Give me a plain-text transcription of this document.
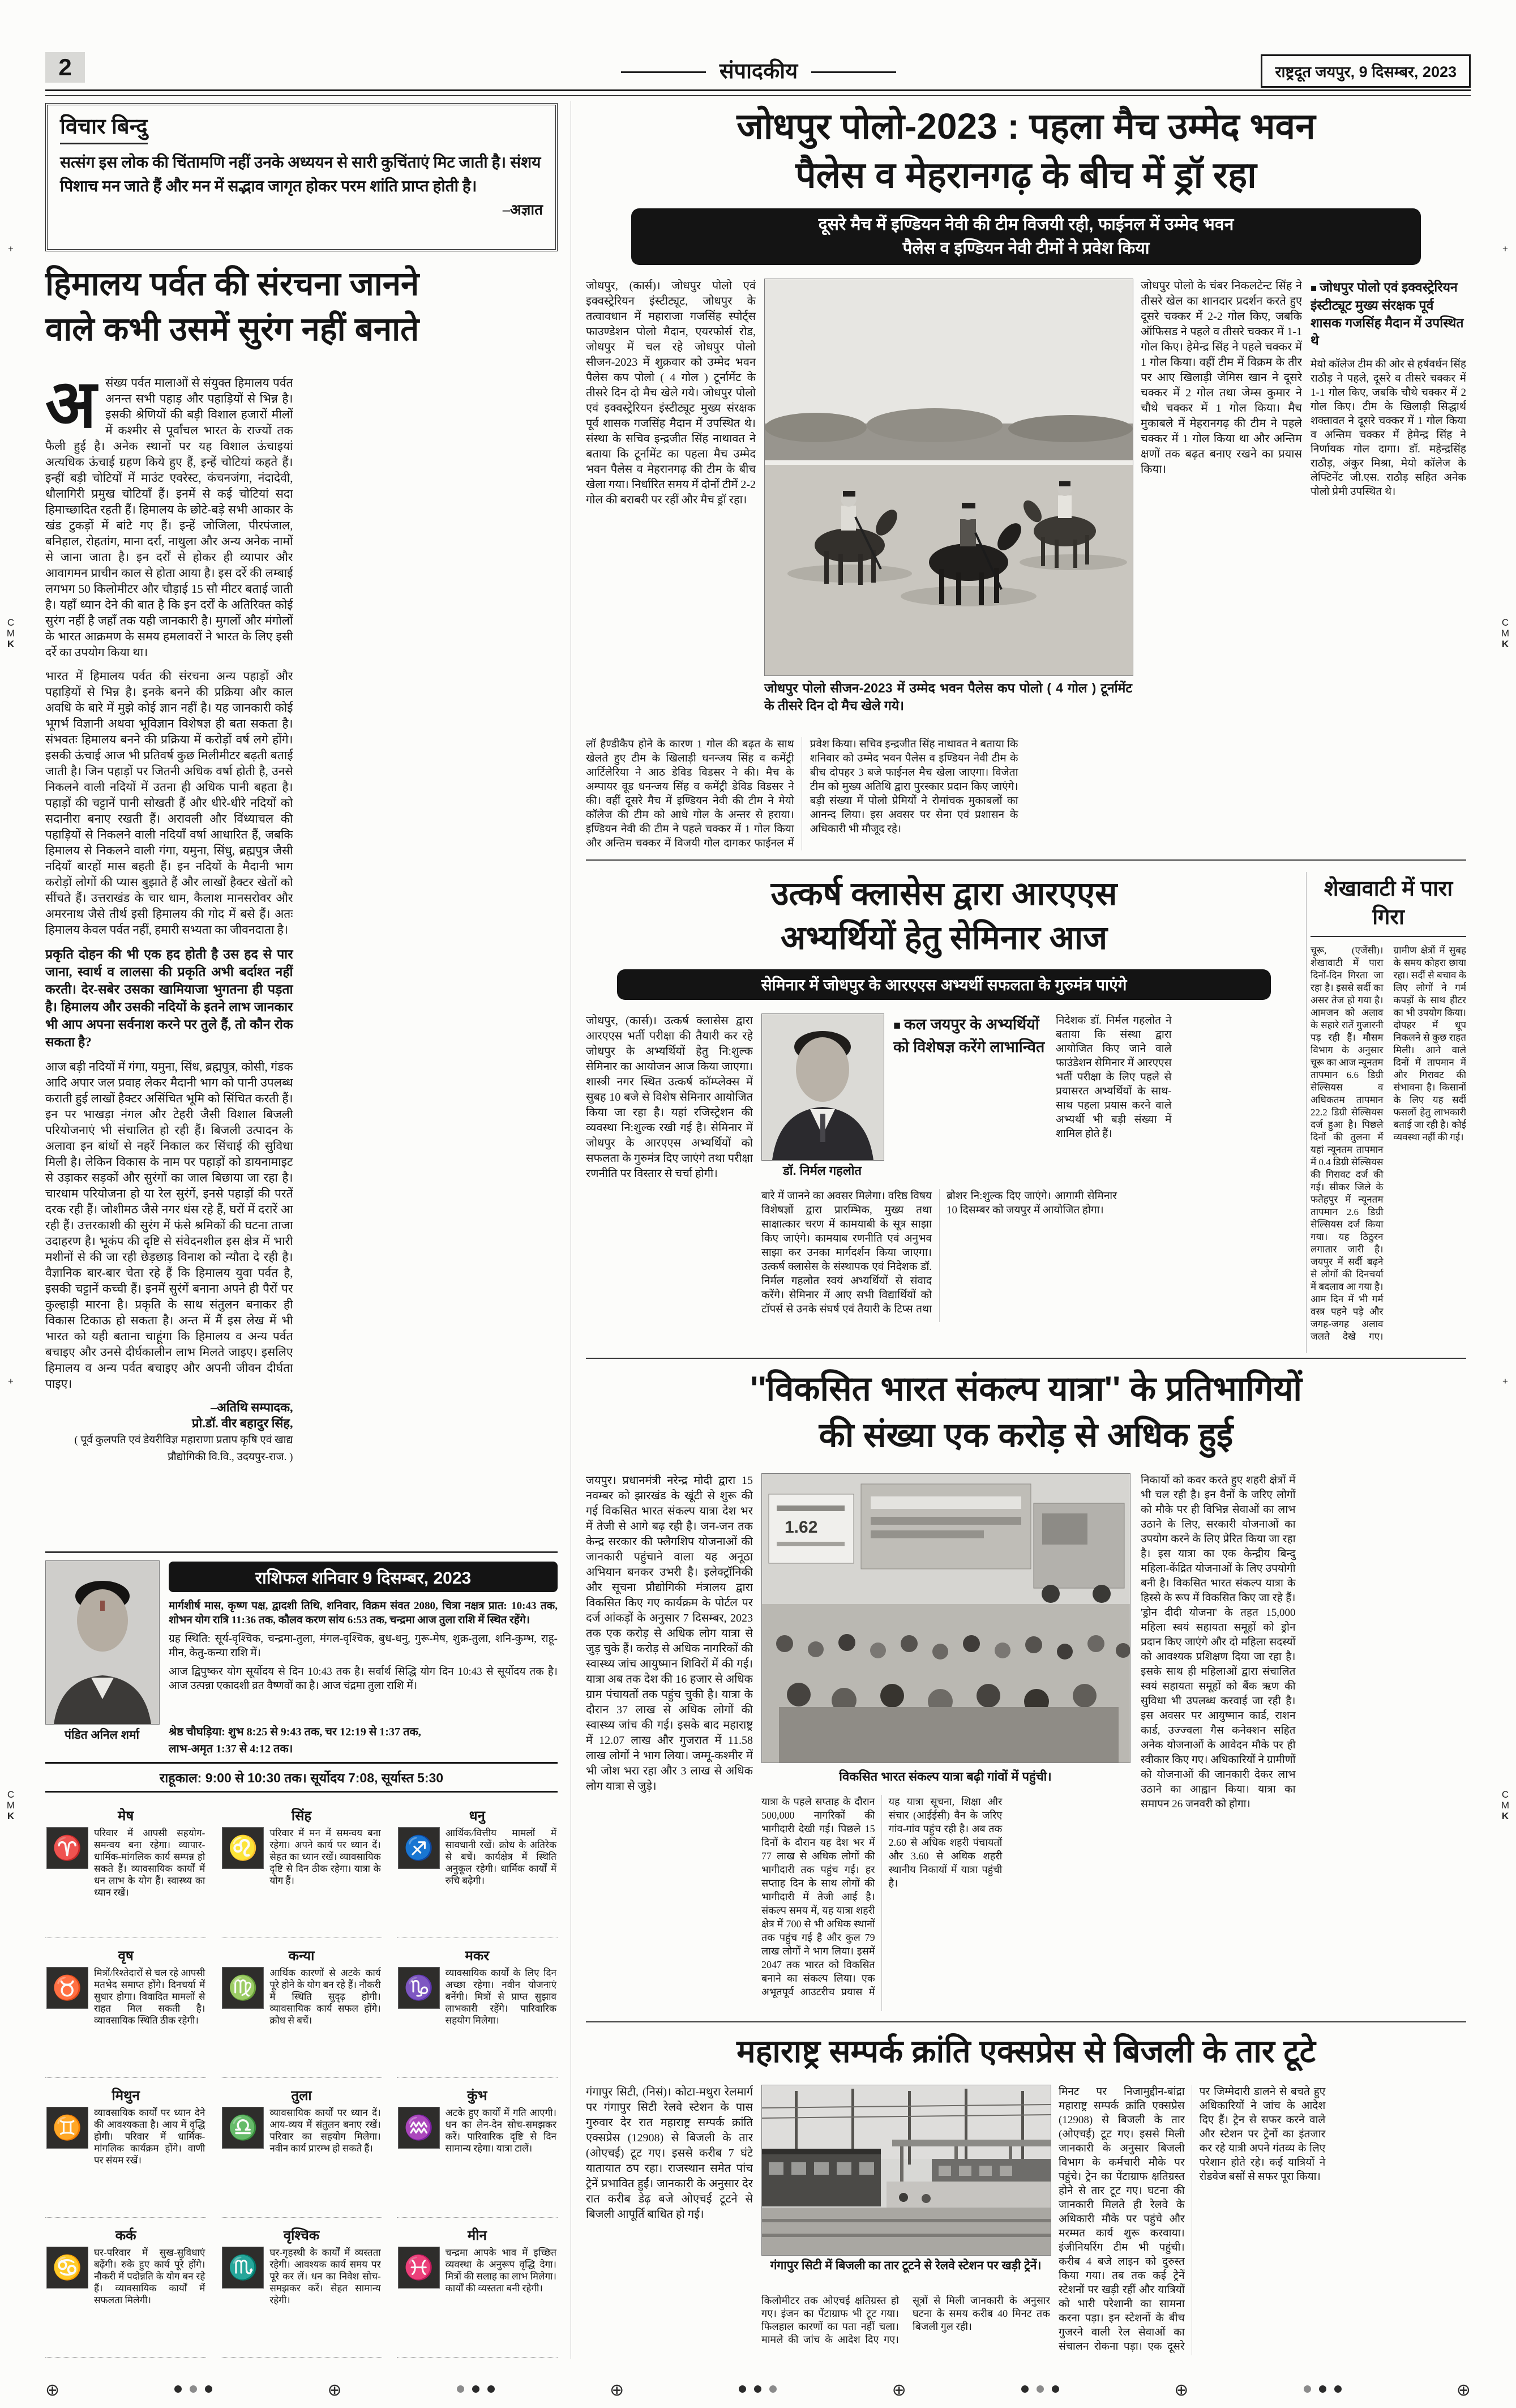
2	संपादकीय	राष्ट्रदूत जयपुर, 9 दिसम्बर, 2023
विचार बिन्दु
सत्संग इस लोक की चिंतामणि नहीं उनके अध्ययन से सारी कुचिंताएं मिट जाती है। संशय पिशाच मन जाते हैं और मन में सद्भाव जागृत होकर परम शांति प्राप्त होती है।
–अज्ञात
हिमालय पर्वत की संरचना जानने
वाले कभी उसमें सुरंग नहीं बनाते

असंख्य पर्वत मालाओं से संयुक्त हिमालय पर्वत अनन्त सभी पहाड़ और पहाड़ियों से भिन्न है। इसकी श्रेणियों की बड़ी विशाल हजारों मीलों में कश्मीर से पूर्वांचल भारत के राज्यों तक फैली हुई है। अनेक स्थानों पर यह विशाल ऊंचाइयां अत्यधिक ऊंचाई ग्रहण किये हुए हैं, इन्हें चोटियां कहते हैं। इन्हीं बड़ी चोटियों में माउंट एवरेस्ट, कंचनजंगा, नंदादेवी, धौलागिरी प्रमुख चोटियाँ हैं। इनमें से कई चोटियां सदा हिमाच्छादित रहती हैं। हिमालय के छोटे-बड़े सभी आकार के खंड टुकड़ों में बांटे गए हैं। इन्हें जोजिला, पीरपंजाल, बनिहाल, रोहतांग, माना दर्रा, नाथुला और अन्य अनेक नामों से जाना जाता है। इन दर्रों से होकर ही व्यापार और आवागमन प्राचीन काल से होता आया है। इस दर्रे की लम्बाई लगभग 50 किलोमीटर और चौड़ाई 15 सौ मीटर बताई जाती है। यहाँ ध्यान देने की बात है कि इन दर्रों के अतिरिक्त कोई सुरंग नहीं है जहाँ तक यही जानकारी है। मुगलों और मंगोलों के भारत आक्रमण के समय हमलावरों ने भारत के लिए इसी दर्रे का उपयोग किया था।

भारत में हिमालय पर्वत की संरचना अन्य पहाड़ों और पहाड़ियों से भिन्न है। इनके बनने की प्रक्रिया और काल अवधि के बारे में मुझे कोई ज्ञान नहीं है। यह जानकारी कोई भूगर्भ विज्ञानी अथवा भूविज्ञान विशेषज्ञ ही बता सकता है। संभवतः हिमालय बनने की प्रक्रिया में करोड़ों वर्ष लगे होंगे। इसकी ऊंचाई आज भी प्रतिवर्ष कुछ मिलीमीटर बढ़ती बताई जाती है। जिन पहाड़ों पर जितनी अधिक वर्षा होती है, उनसे निकलने वाली नदियों में उतना ही अधिक पानी बहता है। पहाड़ों की चट्टानें पानी सोखती हैं और धीरे-धीरे नदियों को सदानीरा बनाए रखती हैं। अरावली और विंध्याचल की पहाड़ियों से निकलने वाली नदियाँ वर्षा आधारित हैं, जबकि हिमालय से निकलने वाली गंगा, यमुना, सिंधु, ब्रह्मपुत्र जैसी नदियाँ बारहों मास बहती हैं। इन नदियों के मैदानी भाग करोड़ों लोगों की प्यास बुझाते हैं और लाखों हैक्टर खेतों को सींचते हैं। उत्तराखंड के चार धाम, कैलाश मानसरोवर और अमरनाथ जैसे तीर्थ इसी हिमालय की गोद में बसे हैं। अतः हिमालय केवल पर्वत नहीं, हमारी सभ्यता का जीवनदाता है।

प्रकृति दोहन की भी एक हद होती है उस हद से पार जाना, स्वार्थ व लालसा की प्रकृति अभी बर्दाश्त नहीं करती। देर-सबेर उसका खामियाजा भुगतना ही पड़ता है। हिमालय और उसकी नदियों के इतने लाभ जानकार भी आप अपना सर्वनाश करने पर तुले हैं, तो कौन रोक सकता है?

आज बड़ी नदियों में गंगा, यमुना, सिंध, ब्रह्मपुत्र, कोसी, गंडक आदि अपार जल प्रवाह लेकर मैदानी भाग को पानी उपलब्ध कराती हुई लाखों हैक्टर असिंचित भूमि को सिंचित करती हैं। इन पर भाखड़ा नंगल और टेहरी जैसी विशाल बिजली परियोजनाएं भी संचालित हो रही हैं। बिजली उत्पादन के अलावा इन बांधों से नहरें निकाल कर सिंचाई की सुविधा मिली है। लेकिन विकास के नाम पर पहाड़ों को डायनामाइट से उड़ाकर सड़कों और सुरंगों का जाल बिछाया जा रहा है। चारधाम परियोजना हो या रेल सुरंगें, इनसे पहाड़ों की परतें दरक रही हैं। जोशीमठ जैसे नगर धंस रहे हैं, घरों में दरारें आ रही हैं। उत्तरकाशी की सुरंग में फंसे श्रमिकों की घटना ताजा उदाहरण है। भूकंप की दृष्टि से संवेदनशील इस क्षेत्र में भारी मशीनों से की जा रही छेड़छाड़ विनाश को न्यौता दे रही है। वैज्ञानिक बार-बार चेता रहे हैं कि हिमालय युवा पर्वत है, इसकी चट्टानें कच्ची हैं। इनमें सुरंगें बनाना अपने ही पैरों पर कुल्हाड़ी मारना है। प्रकृति के साथ संतुलन बनाकर ही विकास टिकाऊ हो सकता है। अन्त में मैं इस लेख में भी भारत को यही बताना चाहूंगा कि हिमालय व अन्य पर्वत बचाइए और उनसे दीर्घकालीन लाभ मिलते जाइए। इसलिए हिमालय व अन्य पर्वत बचाइए और अपनी जीवन दीर्घता पाइए।

–अतिथि सम्पादक,
प्रो.डॉ. वीर बहादुर सिंह,
( पूर्व कुलपति एवं डेयरीविज्ञ महाराणा प्रताप कृषि एवं खाद्य प्रौद्योगिकी वि.वि., उदयपुर-राज. )

जोधपुर पोलो-2023 : पहला मैच उम्मेद भवन
पैलेस व मेहरानगढ़ के बीच में ड्रॉ रहा
दूसरे मैच में इण्डियन नेवी की टीम विजयी रही, फाईनल में उम्मेद भवन
पैलेस व इण्डियन नेवी टीमों ने प्रवेश किया
जोधपुर, (कार्स)। जोधपुर पोलो एवं इक्वस्ट्रेरियन इंस्टीट्यूट, जोधपुर के तत्वावधान में महाराजा गजसिंह स्पोर्ट्स फाउण्डेशन पोलो मैदान, एयरफोर्स रोड, जोधपुर में चल रहे जोधपुर पोलो सीजन-2023 में शुक्रवार को उम्मेद भवन पैलेस कप पोलो ( 4 गोल ) टूर्नामेंट के तीसरे दिन दो मैच खेले गये। जोधपुर पोलो एवं इक्वस्ट्रेरियन इंस्टीट्यूट मुख्य संरक्षक पूर्व शासक गजसिंह मैदान में उपस्थित थे। संस्था के सचिव इन्द्रजीत सिंह नाथावत ने बताया कि टूर्नामेंट का पहला मैच उम्मेद भवन पैलेस व मेहरानगढ़ की टीम के बीच खेला गया। निर्धारित समय में दोनों टीमें 2-2 गोल की बराबरी पर रहीं और मैच ड्रॉ रहा।
जोधपुर पोलो सीजन-2023 में उम्मेद भवन पैलेस कप पोलो ( 4 गोल ) टूर्नामेंट के तीसरे दिन दो मैच खेले गये।
जोधपुर पोलो के चंबर निकलटेन्ट सिंह ने तीसरे खेल का शानदार प्रदर्शन करते हुए दूसरे चक्कर में 2-2 गोल किए, जबकि ऑफिसड ने पहले व तीसरे चक्कर में 1-1 गोल किए। हेमेन्द्र सिंह ने पहले चक्कर में 1 गोल किया। वहीं टीम में विक्रम के तीर पर आए खिलाड़ी जेमिस खान ने दूसरे चक्कर में 2 गोल तथा जेम्स कुमार ने चौथे चक्कर में 1 गोल किया। मैच मुकाबले में मेहरानगढ़ की टीम ने पहले चक्कर में 1 गोल किया था और अन्तिम क्षणों तक बढ़त बनाए रखने का प्रयास किया।
■ जोधपुर पोलो एवं इक्वस्ट्रेरियन इंस्टीट्यूट मुख्य संरक्षक पूर्व शासक गजसिंह मैदान में उपस्थित थे
मेयो कॉलेज टीम की ओर से हर्षवर्धन सिंह राठौड़ ने पहले, दूसरे व तीसरे चक्कर में 1-1 गोल किए, जबकि चौथे चक्कर में 2 गोल किए। टीम के खिलाड़ी सिद्धार्थ शक्तावत ने दूसरे चक्कर में 1 गोल किया व अन्तिम चक्कर में हेमेन्द्र सिंह ने निर्णायक गोल दागा। डॉ. महेन्द्रसिंह राठौड़, अंकुर मिश्रा, मेयो कॉलेज के लेफ्टिनेंट जी.एस. राठौड़ सहित अनेक पोलो प्रेमी उपस्थित थे।

लॉ हैण्डीकैप होने के कारण 1 गोल की बढ़त के साथ खेलते हुए टीम के खिलाड़ी धनन्जय सिंह व कमेंट्री आर्टिलेरिया ने आठ डेविड विडसर ने की। मैच के अम्पायर वूड धनन्जय सिंह व कमेंट्री डेविड विडसर ने की। वहीं दूसरे मैच में इण्डियन नेवी की टीम ने मेयो कॉलेज की टीम को आधे गोल के अन्तर से हराया। इण्डियन नेवी की टीम ने पहले चक्कर में 1 गोल किया और अन्तिम चक्कर में विजयी गोल दागकर फाईनल में प्रवेश किया। सचिव इन्द्रजीत सिंह नाथावत ने बताया कि शनिवार को उम्मेद भवन पैलेस व इण्डियन नेवी टीम के बीच दोपहर 3 बजे फाईनल मैच खेला जाएगा। विजेता टीम को मुख्य अतिथि द्वारा पुरस्कार प्रदान किए जाएंगे। बड़ी संख्या में पोलो प्रेमियों ने रोमांचक मुकाबलों का आनन्द लिया। इस अवसर पर सेना एवं प्रशासन के अधिकारी भी मौजूद रहे।

उत्कर्ष क्लासेस द्वारा आरएएस
अभ्यर्थियों हेतु सेमिनार आज
सेमिनार में जोधपुर के आरएएस अभ्यर्थी सफलता के गुरुमंत्र पाएंगे
जोधपुर, (कार्स)। उत्कर्ष क्लासेस द्वारा आरएएस भर्ती परीक्षा की तैयारी कर रहे जोधपुर के अभ्यर्थियों हेतु नि:शुल्क सेमिनार का आयोजन आज किया जाएगा। शास्त्री नगर स्थित उत्कर्ष कॉम्प्लेक्स में सुबह 10 बजे से विशेष सेमिनार आयोजित किया जा रहा है। यहां रजिस्ट्रेशन की व्यवस्था नि:शुल्क रखी गई है। सेमिनार में जोधपुर के आरएएस अभ्यर्थियों को सफलता के गुरुमंत्र दिए जाएंगे तथा परीक्षा रणनीति पर विस्तार से चर्चा होगी।	डॉ. निर्मल गहलोत
■ कल जयपुर के अभ्यर्थियों को विशेषज्ञ करेंगे लाभान्वित

निदेशक डॉ. निर्मल गहलोत ने बताया कि संस्था द्वारा आयोजित किए जाने वाले फाउंडेशन सेमिनार में आरएएस भर्ती परीक्षा के लिए पहले से प्रयासरत अभ्यर्थियों के साथ-साथ पहला प्रयास करने वाले अभ्यर्थी भी बड़ी संख्या में शामिल होते हैं।

बारे में जानने का अवसर मिलेगा। वरिष्ठ विषय विशेषज्ञों द्वारा प्रारम्भिक, मुख्य तथा साक्षात्कार चरण में कामयाबी के सूत्र साझा किए जाएंगे। कामयाब रणनीति एवं अनुभव साझा कर उनका मार्गदर्शन किया जाएगा। उत्कर्ष क्लासेस के संस्थापक एवं निदेशक डॉ. निर्मल गहलोत स्वयं अभ्यर्थियों से संवाद करेंगे। सेमिनार में आए सभी विद्यार्थियों को टॉपर्स से उनके संघर्ष एवं तैयारी के टिप्स तथा ब्रोशर नि:शुल्क दिए जाएंगे। आगामी सेमिनार 10 दिसम्बर को जयपुर में आयोजित होगा।

शेखावाटी में पारा गिरा

चूरू, (एजेंसी)। शेखावाटी में पारा दिनों-दिन गिरता जा रहा है। इससे सर्दी का असर तेज हो गया है। आमजन को अलाव के सहारे रातें गुजारनी पड़ रही हैं। मौसम विभाग के अनुसार चूरू का आज न्यूनतम तापमान 6.6 डिग्री सेल्सियस व अधिकतम तापमान 22.2 डिग्री सेल्सियस दर्ज हुआ है। पिछले दिनों की तुलना में यहां न्यूनतम तापमान में 0.4 डिग्री सेल्सियस की गिरावट दर्ज की गई। सीकर जिले के फतेहपुर में न्यूनतम तापमान 2.6 डिग्री सेल्सियस दर्ज किया गया। यह ठिठुरन लगातार जारी है। जयपुर में सर्दी बढ़ने से लोगों की दिनचर्या में बदलाव आ गया है। आम दिन में भी गर्म वस्त्र पहने पड़े और जगह-जगह अलाव जलते देखे गए। ग्रामीण क्षेत्रों में सुबह के समय कोहरा छाया रहा। सर्दी से बचाव के लिए लोगों ने गर्म कपड़ों के साथ हीटर का भी उपयोग किया। दोपहर में धूप निकलने से कुछ राहत मिली। आने वाले दिनों में तापमान में और गिरावट की संभावना है। किसानों के लिए यह सर्दी फसलों हेतु लाभकारी बताई जा रही है। कोई व्यवस्था नहीं की गई।

''विकसित भारत संकल्प यात्रा'' के प्रतिभागियों
की संख्या एक करोड़ से अधिक हुई
जयपुर। प्रधानमंत्री नरेन्द्र मोदी द्वारा 15 नवम्बर को झारखंड के खूंटी से शुरू की गई विकसित भारत संकल्प यात्रा देश भर में तेजी से आगे बढ़ रही है। जन-जन तक केन्द्र सरकार की फ्लैगशिप योजनाओं की जानकारी पहुंचाने वाला यह अनूठा अभियान बनकर उभरी है। इलेक्ट्रॉनिकी और सूचना प्रौद्योगिकी मंत्रालय द्वारा विकसित किए गए कार्यक्रम के पोर्टल पर दर्ज आंकड़ों के अनुसार 7 दिसम्बर, 2023 तक एक करोड़ से अधिक लोग यात्रा से जुड़ चुके हैं। करोड़ से अधिक नागरिकों की स्वास्थ्य जांच आयुष्मान शिविरों में की गई। यात्रा अब तक देश की 16 हजार से अधिक ग्राम पंचायतों तक पहुंच चुकी है। यात्रा के दौरान 37 लाख से अधिक लोगों की स्वास्थ्य जांच की गई। इसके बाद महाराष्ट्र में 12.07 लाख और गुजरात में 11.58 लाख लोगों ने भाग लिया। जम्मू-कश्मीर में भी जोश भरा रहा और 3 लाख से अधिक लोग यात्रा से जुड़े।
1.62
विकसित भारत संकल्प यात्रा बढ़ी गांवों में पहुंची।

यात्रा के पहले सप्ताह के दौरान 500,000 नागरिकों की भागीदारी देखी गई। पिछले 15 दिनों के दौरान यह देश भर में 77 लाख से अधिक लोगों की भागीदारी तक पहुंच गई। हर सप्ताह दिन के साथ लोगों की भागीदारी में तेजी आई है। संकल्प समय में, यह यात्रा शहरी क्षेत्र में 700 से भी अधिक स्थानों तक पहुंच गई है और कुल 79 लाख लोगों ने भाग लिया। इसमें 2047 तक भारत को विकसित बनाने का संकल्प लिया। एक अभूतपूर्व आउटरीच प्रयास में यह यात्रा सूचना, शिक्षा और संचार (आईईसी) वैन के जरिए गांव-गांव पहुंच रही है। अब तक 2.60 से अधिक शहरी पंचायतों और 3.60 से अधिक शहरी स्थानीय निकायों में यात्रा पहुंची है।

निकायों को कवर करते हुए शहरी क्षेत्रों में भी चल रही है। इन वैनों के जरिए लोगों को मौके पर ही विभिन्न सेवाओं का लाभ उठाने के लिए, सरकारी योजनाओं का उपयोग करने के लिए प्रेरित किया जा रहा है। इस यात्रा का एक केन्द्रीय बिन्दु महिला-केंद्रित योजनाओं के लिए उपयोगी बनी है। विकसित भारत संकल्प यात्रा के हिस्से के रूप में विकसित किए जा रहे हैं। 'ड्रोन दीदी योजना' के तहत 15,000 महिला स्वयं सहायता समूहों को ड्रोन प्रदान किए जाएंगे और दो महिला सदस्यों को आवश्यक प्रशिक्षण दिया जा रहा है। इसके साथ ही महिलाओं द्वारा संचालित स्वयं सहायता समूहों को बैंक ऋण की सुविधा भी उपलब्ध करवाई जा रही है। इस अवसर पर आयुष्मान कार्ड, राशन कार्ड, उज्ज्वला गैस कनेक्शन सहित अनेक योजनाओं के आवेदन मौके पर ही स्वीकार किए गए। अधिकारियों ने ग्रामीणों को योजनाओं की जानकारी देकर लाभ उठाने का आह्वान किया। यात्रा का समापन 26 जनवरी को होगा।

महाराष्ट्र सम्पर्क क्रांति एक्सप्रेस से बिजली के तार टूटे
गंगापुर सिटी, (निसं)। कोटा-मथुरा रेलमार्ग पर गंगापुर सिटी रेलवे स्टेशन के पास गुरुवार देर रात महाराष्ट्र सम्पर्क क्रांति एक्सप्रेस (12908) से बिजली के तार (ओएचई) टूट गए। इससे करीब 7 घंटे यातायात ठप रहा। राजस्थान समेत पांच ट्रेनें प्रभावित हुईं। जानकारी के अनुसार देर रात करीब डेढ़ बजे ओएचई टूटने से बिजली आपूर्ति बाधित हो गई।
गंगापुर सिटी में बिजली का तार टूटने से रेलवे स्टेशन पर खड़ी ट्रेनें।

किलोमीटर तक ओएचई क्षतिग्रस्त हो गए। इंजन का पेंटाग्राफ भी टूट गया। फिलहाल कारणों का पता नहीं चला। मामले की जांच के आदेश दिए गए। सूत्रों से मिली जानकारी के अनुसार घटना के समय करीब 40 मिनट तक बिजली गुल रही।

मिनट पर निजामुद्दीन-बांद्रा महाराष्ट्र सम्पर्क क्रांति एक्सप्रेस (12908) से बिजली के तार (ओएचई) टूट गए। इससे मिली जानकारी के अनुसार बिजली विभाग के कर्मचारी मौके पर पहुंचे। ट्रेन का पेंटाग्राफ क्षतिग्रस्त होने से तार टूट गए। घटना की जानकारी मिलते ही रेलवे के अधिकारी मौके पर पहुंचे और मरम्मत कार्य शुरू करवाया। इंजीनियरिंग टीम भी पहुंची। करीब 4 बजे लाइन को दुरुस्त किया गया। तब तक कई ट्रेनें स्टेशनों पर खड़ी रहीं और यात्रियों को भारी परेशानी का सामना करना पड़ा। इन स्टेशनों के बीच गुजरने वाली रेल सेवाओं का संचालन रोकना पड़ा। एक दूसरे पर जिम्मेदारी डालने से बचते हुए अधिकारियों ने जांच के आदेश दिए हैं। ट्रेन से सफर करने वाले और स्टेशन पर ट्रेनों का इंतजार कर रहे यात्री अपने गंतव्य के लिए परेशान होते रहे। कई यात्रियों ने रोडवेज बसों से सफर पूरा किया।

पंडित अनिल शर्मा
राशिफल शनिवार 9 दिसम्बर, 2023

मार्गशीर्ष मास, कृष्ण पक्ष, द्वादशी तिथि, शनिवार, विक्रम संवत 2080, चित्रा नक्षत्र प्रात: 10:43 तक, शोभन योग रात्रि 11:36 तक, कौलव करण सांय 6:53 तक, चन्द्रमा आज तुला राशि में स्थित रहेंगे।

ग्रह स्थिति: सूर्य-वृश्चिक, चन्द्रमा-तुला, मंगल-वृश्चिक, बुध-धनु, गुरू-मेष, शुक्र-तुला, शनि-कुम्भ, राहू-मीन, केतु-कन्या राशि में।

आज द्विपुष्कर योग सूर्योदय से दिन 10:43 तक है। सर्वार्थ सिद्धि योग दिन 10:43 से सूर्योदय तक है। आज उत्पन्ना एकादशी व्रत वैष्णवों का है। आज चंद्रमा तुला राशि में।

श्रेष्ठ चौघड़िया: शुभ 8:25 से 9:43 तक, चर 12:19 से 1:37 तक,
लाभ-अमृत 1:37 से 4:12 तक।
राहूकाल: 9:00 से 10:30 तक। सूर्योदय 7:08, सूर्यास्त 5:30
मेष
♈
परिवार में आपसी सहयोग-समन्वय बना रहेगा। व्यापार-धार्मिक-मांगलिक कार्य सम्पन्न हो सकते हैं। व्यावसायिक कार्यों में धन लाभ के योग हैं। स्वास्थ्य का ध्यान रखें।
वृष
♉
मित्रों/रिश्तेदारों से चल रहे आपसी मतभेद समाप्त होंगे। दिनचर्या में सुधार होगा। विवादित मामलों से राहत मिल सकती है। व्यावसायिक स्थिति ठीक रहेगी।
मिथुन
♊
व्यावसायिक कार्यों पर ध्यान देने की आवश्यकता है। आय में वृद्धि होगी। परिवार में धार्मिक-मांगलिक कार्यक्रम होंगे। वाणी पर संयम रखें।
कर्क
♋
घर-परिवार में सुख-सुविधाएं बढ़ेंगी। रुके हुए कार्य पूरे होंगे। नौकरी में पदोन्नति के योग बन रहे हैं। व्यावसायिक कार्यों में सफलता मिलेगी।
सिंह
♌
परिवार में मन में समन्वय बना रहेगा। अपने कार्य पर ध्यान दें। सेहत का ध्यान रखें। व्यावसायिक दृष्टि से दिन ठीक रहेगा। यात्रा के योग हैं।
कन्या
♍
आर्थिक कारणों से अटके कार्य पूरे होने के योग बन रहे हैं। नौकरी में स्थिति सुदृढ़ होगी। व्यावसायिक कार्य सफल होंगे। क्रोध से बचें।
तुला
♎
व्यावसायिक कार्यों पर ध्यान दें। आय-व्यय में संतुलन बनाए रखें। परिवार का सहयोग मिलेगा। नवीन कार्य प्रारम्भ हो सकते हैं।
वृश्चिक
♏
घर-गृहस्थी के कार्यों में व्यस्तता रहेगी। आवश्यक कार्य समय पर पूरे कर लें। धन का निवेश सोच-समझकर करें। सेहत सामान्य रहेगी।
धनु
♐
आर्थिक/वित्तीय मामलों में सावधानी रखें। क्रोध के अतिरेक से बचें। कार्यक्षेत्र में स्थिति अनुकूल रहेगी। धार्मिक कार्यों में रुचि बढ़ेगी।
मकर
♑
व्यावसायिक कार्यों के लिए दिन अच्छा रहेगा। नवीन योजनाएं बनेंगी। मित्रों से प्राप्त सुझाव लाभकारी रहेंगे। पारिवारिक सहयोग मिलेगा।
कुंभ
♒
अटके हुए कार्यों में गति आएगी। धन का लेन-देन सोच-समझकर करें। पारिवारिक दृष्टि से दिन सामान्य रहेगा। यात्रा टालें।
मीन
♓
चन्द्रमा आपके भाव में इच्छित व्यवस्था के अनुरूप वृद्धि देगा। मित्रों की सलाह का लाभ मिलेगा। कार्यों की व्यस्तता बनी रहेगी।
C
M
K
C
M
K
C
M
K
C
M
K
+
+
+
+
⊕	⊕	⊕	⊕	⊕	⊕
